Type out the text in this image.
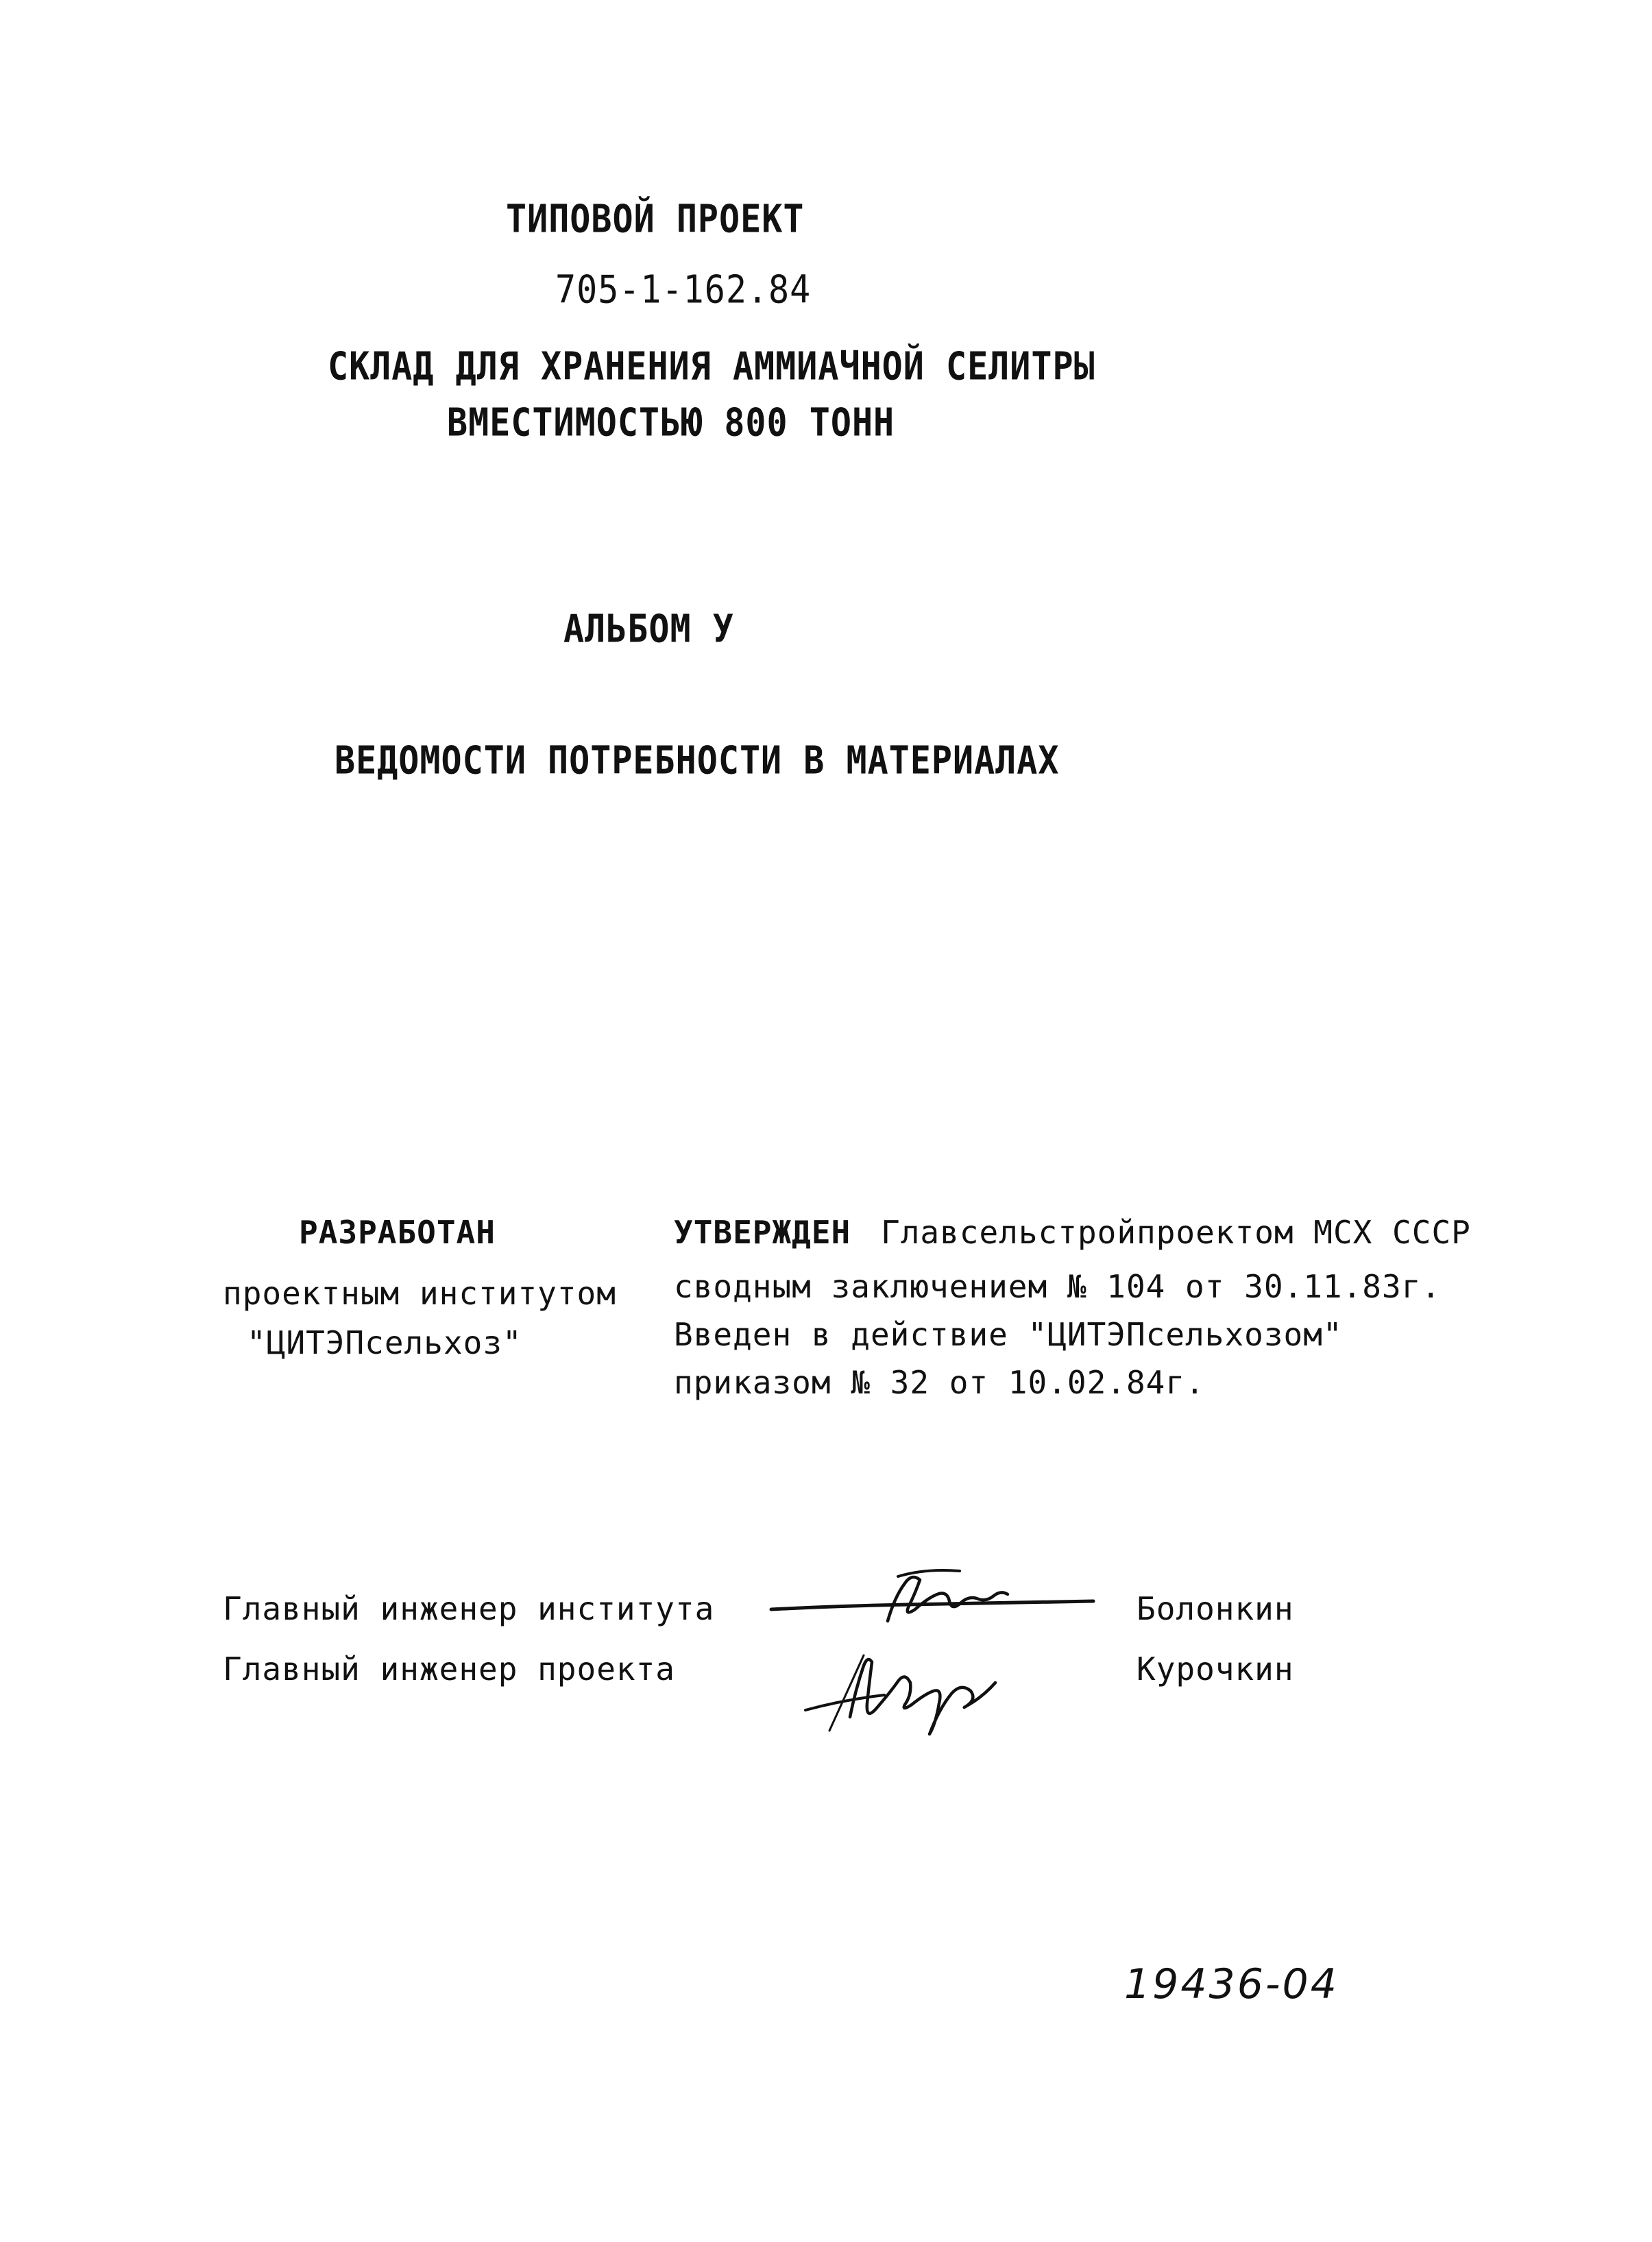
ТИПОВОЙ ПРОЕКТ
705-1-162.84
СКЛАД ДЛЯ ХРАНЕНИЯ АММИАЧНОЙ СЕЛИТРЫ
ВМЕСТИМОСТЬЮ 800 ТОНН
АЛЬБОМ У
ВЕДОМОСТИ ПОТРЕБНОСТИ В МАТЕРИАЛАХ
РАЗРАБОТАН
проектным институтом
"ЦИТЭПсельхоз"
УТВЕРЖДЕН Главсельстройпроектом МСХ СССР
сводным заключением № 104 от 30.11.83г.
Введен в действие "ЦИТЭПсельхозом"
приказом № 32 от 10.02.84г.
Главный инженер института	Болонкин
Главный инженер проекта	Курочкин
19436-04
